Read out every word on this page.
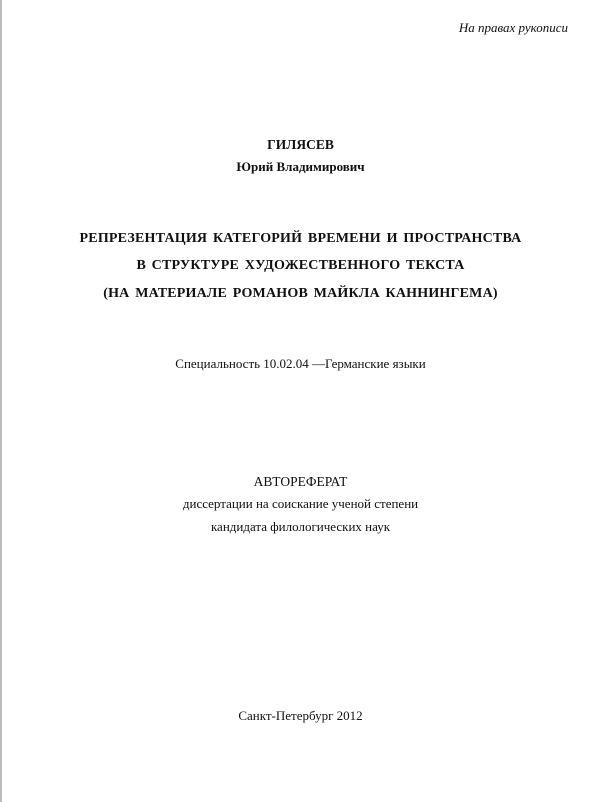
На правах рукописи
ГИЛЯСЕВ
Юрий Владимирович
РЕПРЕЗЕНТАЦИЯ КАТЕГОРИЙ ВРЕМЕНИ И ПРОСТРАНСТВА
В СТРУКТУРЕ ХУДОЖЕСТВЕННОГО ТЕКСТА
(НА МАТЕРИАЛЕ РОМАНОВ МАЙКЛА КАННИНГЕМА)
Специальность 10.02.04 —Германские языки
АВТОРЕФЕРАТ
диссертации на соискание ученой степени
кандидата филологических наук
Санкт-Петербург 2012
